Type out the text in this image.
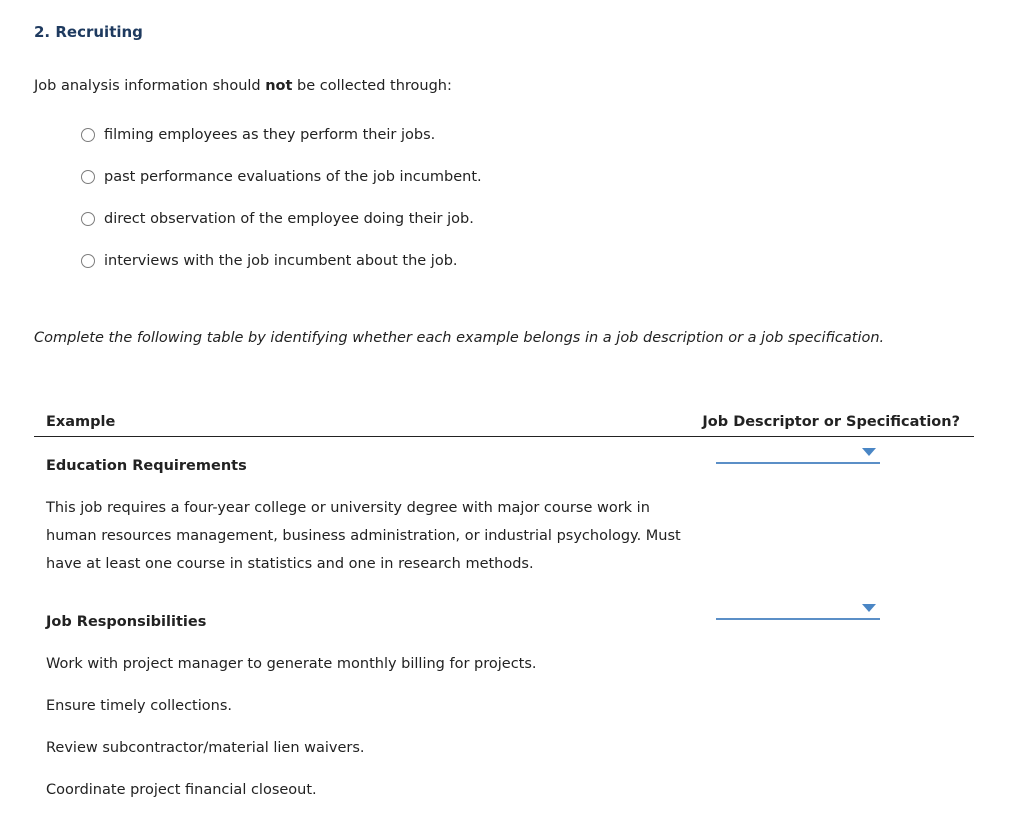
2. Recruiting
Job analysis information should not be collected through:
filming employees as they perform their jobs.
past performance evaluations of the job incumbent.
direct observation of the employee doing their job.
interviews with the job incumbent about the job.
Complete the following table by identifying whether each example belongs in a job description or a job specification.
Example	Job Descriptor or Specification?
Education Requirements
This job requires a four-year college or university degree with major course work in human resources management, business administration, or industrial psychology. Must have at least one course in statistics and one in research methods.
Job Responsibilities
Work with project manager to generate monthly billing for projects.
Ensure timely collections.
Review subcontractor/material lien waivers.
Coordinate project financial closeout.
